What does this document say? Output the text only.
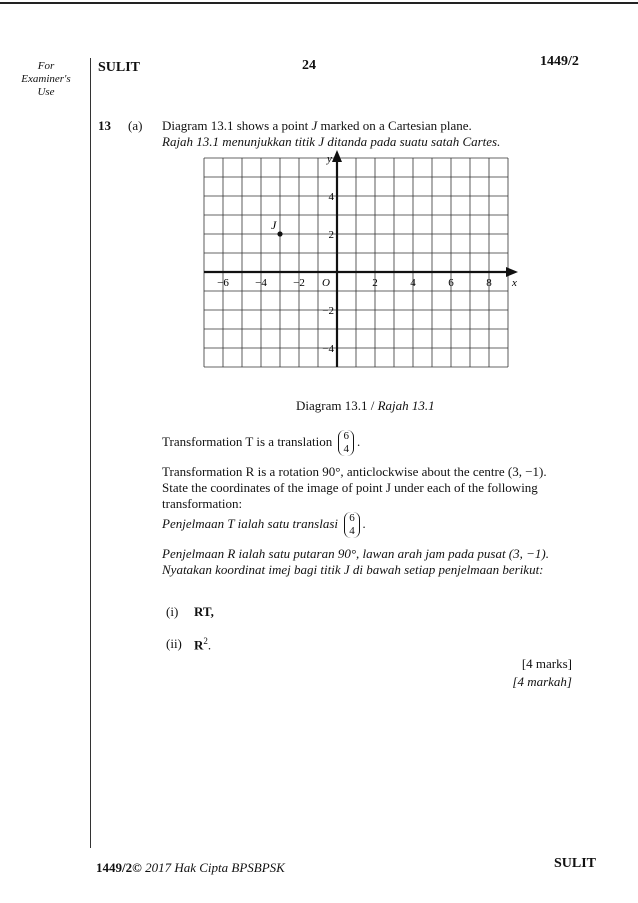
For
Examiner's
Use
SULIT	24	1449/2
13 (a) Diagram 13.1 shows a point J marked on a Cartesian plane.
Rajah 13.1 menunjukkan titik J ditanda pada suatu satah Cartes.
x
y
−6 −4 −2 O	2	4	6	8
4
2
−2
−4
J
Diagram 13.1 / Rajah 13.1
Transformation T is a translation 6
4
.
Transformation R is a rotation 90°, anticlockwise about the centre (3, −1).
State the coordinates of the image of point J under each of the following
transformation:
Penjelmaan T ialah satu translasi 6
4
.
Penjelmaan R ialah satu putaran 90°, lawan arah jam pada pusat (3, −1).
Nyatakan koordinat imej bagi titik J di bawah setiap penjelmaan berikut:
(i) RT,
(ii) $R^2$.
[4 marks]
[4 markah]
1449/2© 2017 Hak Cipta BPSBPSK	SULIT
